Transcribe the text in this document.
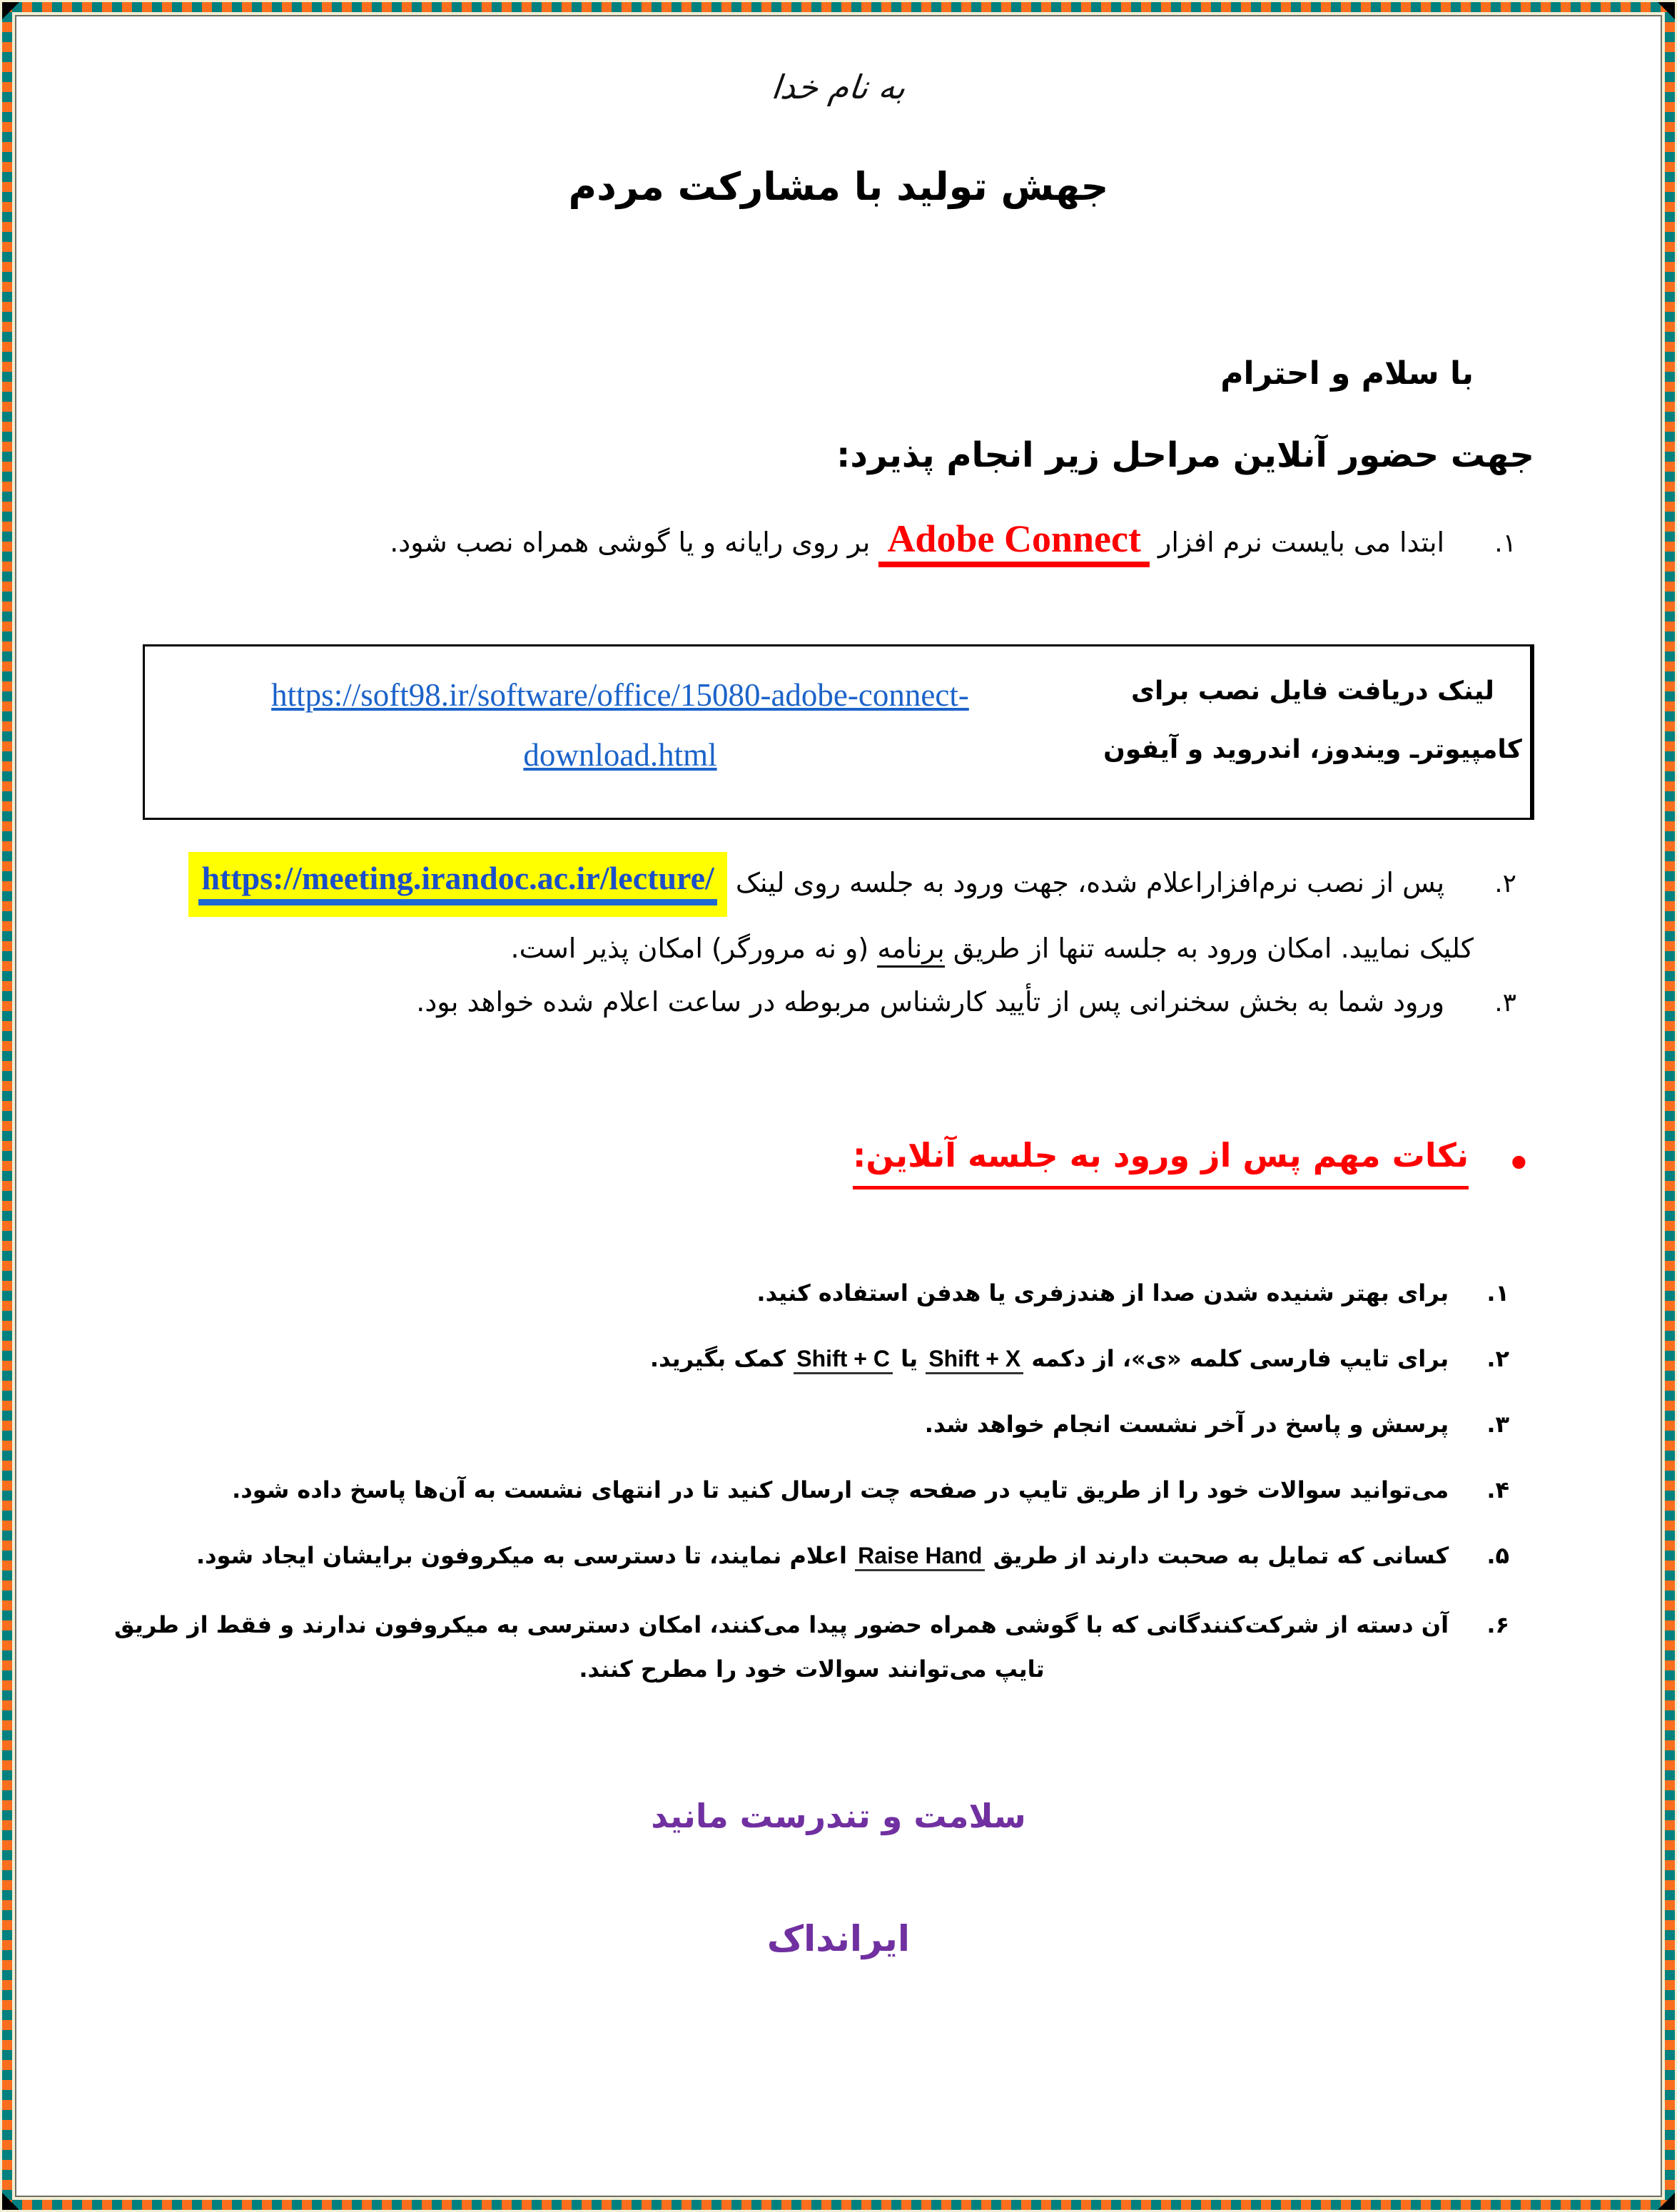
به نام خدا
جهش تولید با مشارکت مردم
با سلام و احترام
جهت حضور آنلاین مراحل زیر انجام پذیرد:
۱. ابتدا می بایست نرم افزار Adobe Connect بر روی رایانه و یا گوشی همراه نصب شود.
https://soft98.ir/software/office/15080-adobe-connect-
download.html
لینک دریافت فایل نصب برای
کامپیوترـ ویندوز، اندروید و آیفون
۲. پس از نصب نرم‌افزاراعلام شده، جهت ورود به جلسه روی لینک https://meeting.irandoc.ac.ir/lecture/
کلیک نمایید. امکان ورود به جلسه تنها از طریق برنامه (و نه مرورگر) امکان پذیر است.
۳. ورود شما به بخش سخنرانی پس از تأیید کارشناس مربوطه در ساعت اعلام شده خواهد بود.
• نکات مهم پس از ورود به جلسه آنلاین:
۱. برای بهتر شنیده شدن صدا از هندزفری یا هدفن استفاده کنید.
۲. برای تایپ فارسی کلمه «ی»، از دکمه Shift + X یا Shift + C کمک بگیرید.
۳. پرسش و پاسخ در آخر نشست انجام خواهد شد.
۴. می‌توانید سوالات خود را از طریق تایپ در صفحه چت ارسال کنید تا در انتهای نشست به آن‌ها پاسخ داده شود.
۵. کسانی که تمایل به صحبت دارند از طریق Raise Hand اعلام نمایند، تا دسترسی به میکروفون برایشان ایجاد شود.
۶. آن دسته از شرکت‌کنندگانی که با گوشی همراه حضور پیدا می‌کنند، امکان دسترسی به میکروفون ندارند و فقط از طریق تایپ می‌توانند سوالات خود را مطرح کنند.
سلامت و تندرست مانید
ایرانداک
